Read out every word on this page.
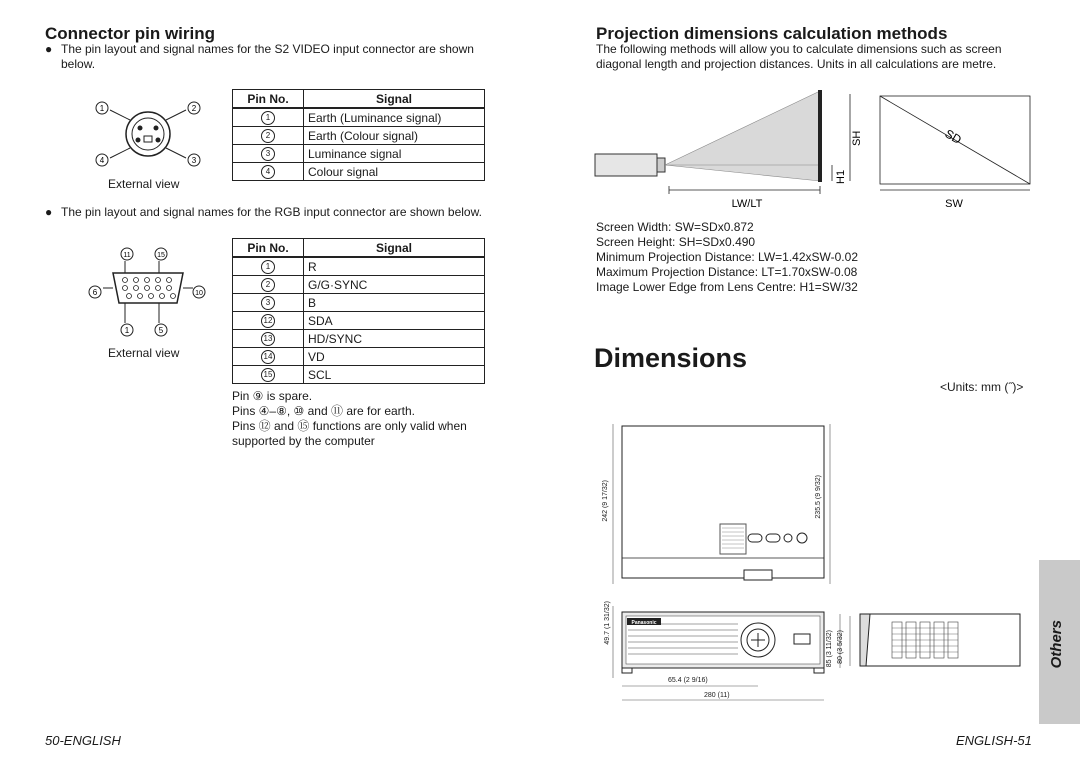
Connector pin wiring
● The pin layout and signal names for the S2 VIDEO input connector are shown below.
1	2
4	3
External view
Pin No.	Signal
1	Earth (Luminance signal)
2	Earth (Colour signal)
3	Luminance signal
4	Colour signal
● The pin layout and signal names for the RGB input connector are shown below.
11	15
6	10
1	5
External view
Pin No.	Signal
1	R
2	G/G·SYNC
3	B
12	SDA
13	HD/SYNC
14	VD
15	SCL
Pin ⑨ is spare.
Pins ④–⑧, ⑩ and ⑪ are for earth.
Pins ⑫ and ⑮ functions are only valid when supported by the computer
Projection dimensions calculation methods
The following methods will allow you to calculate dimensions such as screen diagonal length and projection distances. Units in all calculations are metre.
SH
H1
LW/LT
SD
SW
Screen Width: SW=SDx0.872
Screen Height: SH=SDx0.490
Minimum Projection Distance: LW=1.42xSW-0.02
Maximum Projection Distance: LT=1.70xSW-0.08
Image Lower Edge from Lens Centre: H1=SW/32
Dimensions
<Units: mm (˝)>
242 (9 17/32)	235.5 (9 9/32)
Panasonic
49.7 (1 31/32)
65.4 (2 9/16)
280 (11)
85 (3 11/32) 80 (3 5/32)	Others
50-ENGLISH	ENGLISH-51
